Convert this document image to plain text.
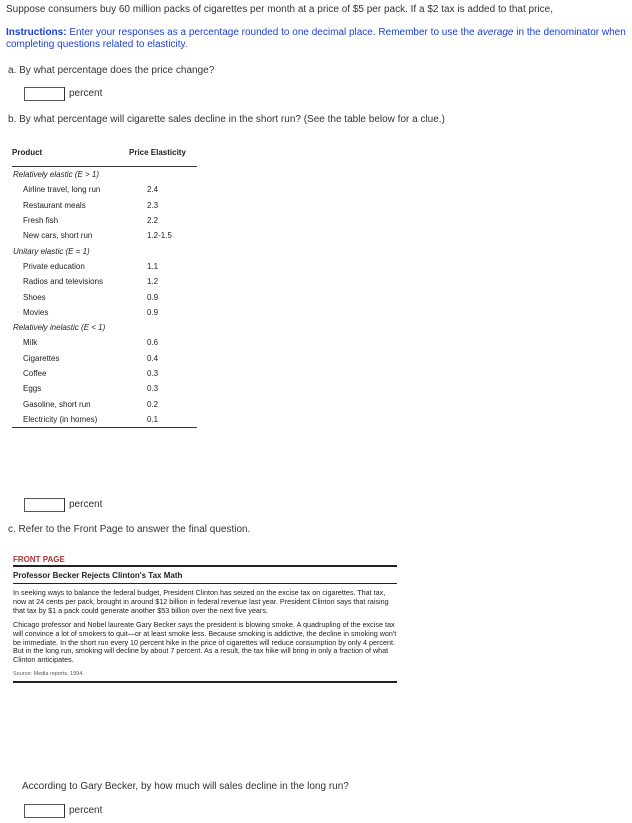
Suppose consumers buy 60 million packs of cigarettes per month at a price of $5 per pack. If a $2 tax is added to that price,
Instructions: Enter your responses as a percentage rounded to one decimal place. Remember to use the average in the denominator when completing questions related to elasticity.
a. By what percentage does the price change?
percent
b. By what percentage will cigarette sales decline in the short run? (See the table below for a clue.)
Product	Price Elasticity
Relatively elastic (E > 1)	
Airline travel, long run	2.4
Restaurant meals	2.3
Fresh fish	2.2
New cars, short run	1.2-1.5
Unitary elastic (E = 1)	
Private education	1.1
Radios and televisions	1.2
Shoes	0.9
Movies	0.9
Relatively inelastic (E < 1)	
Milk	0.6
Cigarettes	0.4
Coffee	0.3
Eggs	0.3
Gasoline, short run	0.2
Electricity (in homes)	0.1
percent
c. Refer to the Front Page to answer the final question.
FRONT PAGE
Professor Becker Rejects Clinton's Tax Math

In seeking ways to balance the federal budget, President Clinton has seized on the excise tax on cigarettes. That tax, now at 24 cents per pack, brought in around $12 billion in federal revenue last year. President Clinton says that raising that tax by $1 a pack could generate another $53 billion over the next five years.

Chicago professor and Nobel laureate Gary Becker says the president is blowing smoke. A quadrupling of the excise tax will convince a lot of smokers to quit—or at least smoke less. Because smoking is addictive, the decline in smoking won't be immediate. In the short run every 10 percent hike in the price of cigarettes will reduce consumption by only 4 percent. But in the long run, smoking will decline by about 7 percent. As a result, the tax hike will bring in only a fraction of what Clinton anticipates.

Source: Media reports, 1994.
According to Gary Becker, by how much will sales decline in the long run?
percent
